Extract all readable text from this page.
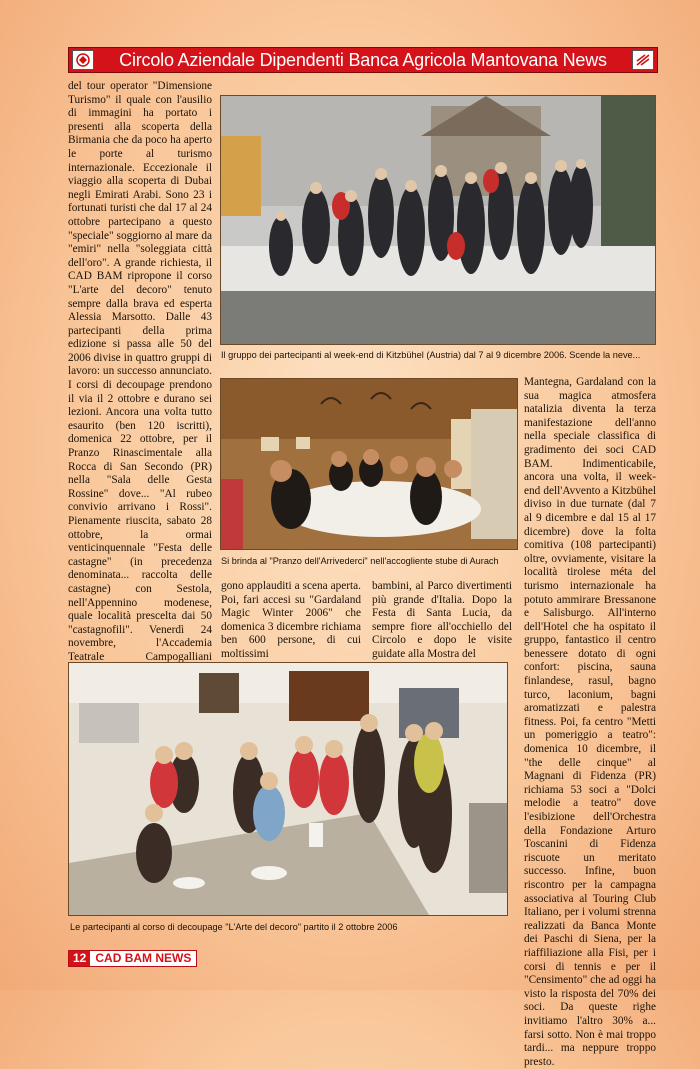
Circolo Aziendale Dipendenti Banca Agricola Mantovana News
del tour operator "Dimensione Turismo" il quale con l'ausilio di immagini ha portato i presenti alla scoperta della Birmania che da poco ha aperto le porte al turismo internazionale. Eccezionale il viaggio alla scoperta di Dubai negli Emirati Arabi. Sono 23 i fortunati turisti che dal 17 al 24 ottobre partecipano a questo "speciale" soggiorno al mare da "emiri" nella "soleggiata città dell'oro". A grande richiesta, il CAD BAM ripropone il corso "L'arte del decoro" tenuto sempre dalla brava ed esperta Alessia Marsotto. Dalle 43 partecipanti della prima edizione si passa alle 50 del 2006 divise in quattro gruppi di lavoro: un successo annunciato. I corsi di decoupage prendono il via il 2 ottobre e durano sei lezioni. Ancora una volta tutto esaurito (ben 120 iscritti), domenica 22 ottobre, per il Pranzo Rinascimentale alla Rocca di San Secondo (PR) nella "Sala delle Gesta Rossine" dove... "Al rubeo convivio arrivano i Rossi". Pienamente riuscita, sabato 28 ottobre, la ormai venticinquennale "Festa delle castagne" (in precedenza denominata... raccolta delle castagne) con Sestola, nell'Appennino modenese, quale località prescelta dai 50 "castagnofili". Venerdì 24 novembre, l'Accademia Teatrale Campogalliani
Il gruppo dei partecipanti al week-end di Kitzbühel (Austria) dal 7 al 9 dicembre 2006. Scende la neve...
Si brinda al "Pranzo dell'Arrivederci" nell'accogliente stube di Aurach
gono applauditi a scena aperta. Poi, fari accesi su "Gardaland Magic Winter 2006" che domenica 3 dicembre richiama ben 600 persone, di cui moltissimi
bambini, al Parco divertimenti più grande d'Italia. Dopo la Festa di Santa Lucia, da sempre fiore all'occhiello del Circolo e dopo le visite guidate alla Mostra del
Mantegna, Gardaland con la sua magica atmosfera natalizia diventa la terza manifestazione dell'anno nella speciale classifica di gradimento dei soci CAD BAM. Indimenticabile, ancora una volta, il week-end dell'Avvento a Kitzbühel diviso in due turnate (dal 7 al 9 dicembre e dal 15 al 17 dicembre) dove la folta comitiva (108 partecipanti) oltre, ovviamente, visitare la località tirolese méta del turismo internazionale ha potuto ammirare Bressanone e Salisburgo. All'interno dell'Hotel che ha ospitato il gruppo, fantastico il centro benessere dotato di ogni confort: piscina, sauna finlandese, rasul, bagno turco, laconium, bagni aromatizzati e palestra fitness. Poi, fa centro "Metti un pomeriggio a teatro": domenica 10 dicembre, il "the delle cinque" al Magnani di Fidenza (PR) richiama 53 soci a "Dolci melodie a teatro" dove l'esibizione dell'Orchestra della Fondazione Arturo Toscanini di Fidenza riscuote un meritato successo. Infine, buon riscontro per la campagna associativa al Touring Club Italiano, per i volumi strenna realizzati da Banca Monte dei Paschi di Siena, per la riaffiliazione alla Fisi, per i corsi di tennis e per il "Censimento" che ad oggi ha visto la risposta del 70% dei soci. Da queste righe invitiamo l'altro 30% a... farsi sotto. Non è mai troppo tardi... ma neppure troppo presto.
Le partecipanti al corso di decoupage "L'Arte del decoro" partito il 2 ottobre 2006
12 CAD BAM NEWS
